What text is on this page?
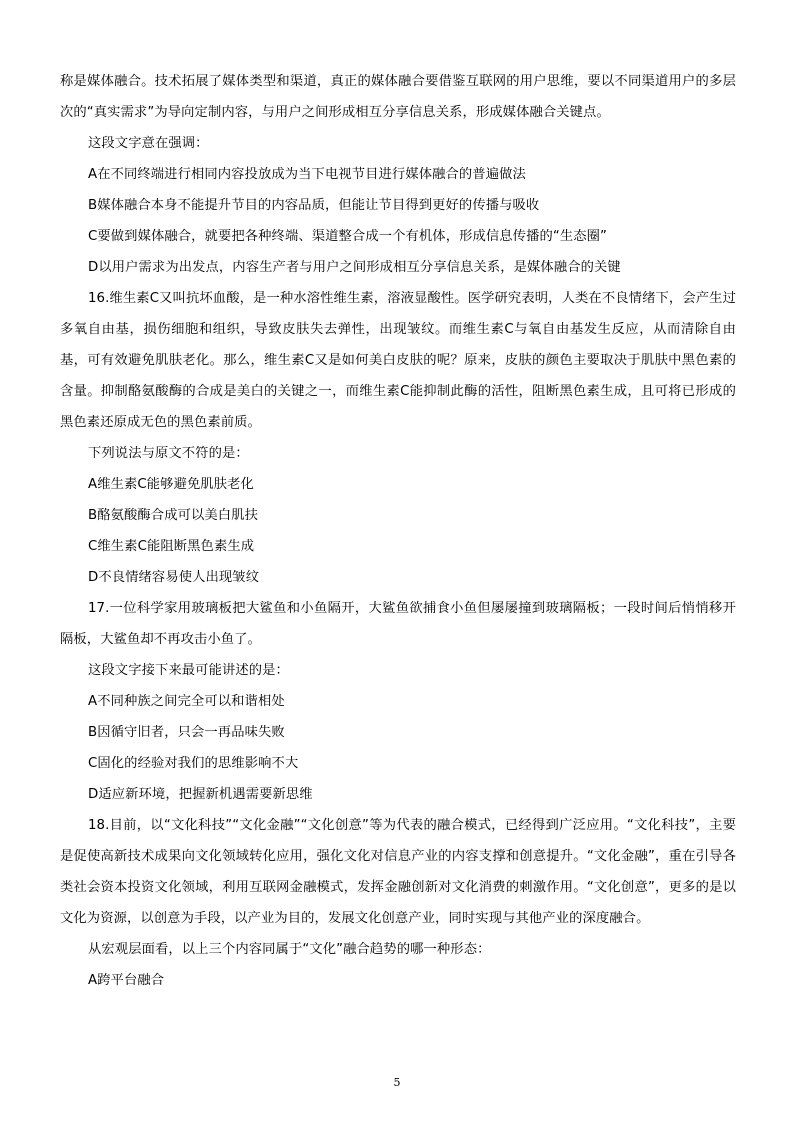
称是媒体融合。技术拓展了媒体类型和渠道，真正的媒体融合要借鉴互联网的用户思维，要以不同渠道用户的多层次的“真实需求”为导向定制内容，与用户之间形成相互分享信息关系，形成媒体融合关键点。

这段文字意在强调：

A在不同终端进行相同内容投放成为当下电视节目进行媒体融合的普遍做法

B媒体融合本身不能提升节目的内容品质，但能让节目得到更好的传播与吸收

C要做到媒体融合，就要把各种终端、渠道整合成一个有机体，形成信息传播的“生态圈”

D以用户需求为出发点，内容生产者与用户之间形成相互分享信息关系，是媒体融合的关键

16.维生素C又叫抗坏血酸，是一种水溶性维生素，溶液显酸性。医学研究表明，人类在不良情绪下，会产生过多氧自由基，损伤细胞和组织，导致皮肤失去弹性，出现皱纹。而维生素C与氧自由基发生反应，从而清除自由基，可有效避免肌肤老化。那么，维生素C又是如何美白皮肤的呢？原来，皮肤的颜色主要取决于肌肤中黑色素的含量。抑制酪氨酸酶的合成是美白的关键之一，而维生素C能抑制此酶的活性，阻断黑色素生成，且可将已形成的黑色素还原成无色的黑色素前质。

下列说法与原文不符的是：

A维生素C能够避免肌肤老化

B酪氨酸酶合成可以美白肌扶

C维生素C能阻断黑色素生成

D不良情绪容易使人出现皱纹

17.一位科学家用玻璃板把大鲨鱼和小鱼隔开，大鲨鱼欲捕食小鱼但屡屡撞到玻璃隔板；一段时间后悄悄移开隔板，大鲨鱼却不再攻击小鱼了。

这段文字接下来最可能讲述的是：

A不同种族之间完全可以和谐相处

B因循守旧者，只会一再品味失败

C固化的经验对我们的思维影响不大

D适应新环境，把握新机遇需要新思维

18.目前，以“文化科技”“文化金融”“文化创意”等为代表的融合模式，已经得到广泛应用。“文化科技”，主要是促使高新技术成果向文化领域转化应用，强化文化对信息产业的内容支撑和创意提升。“文化金融”，重在引导各类社会资本投资文化领域，利用互联网金融模式，发挥金融创新对文化消费的刺激作用。“文化创意”，更多的是以文化为资源，以创意为手段，以产业为目的，发展文化创意产业，同时实现与其他产业的深度融合。

从宏观层面看，以上三个内容同属于“文化”融合趋势的哪一种形态：

A跨平台融合

5
